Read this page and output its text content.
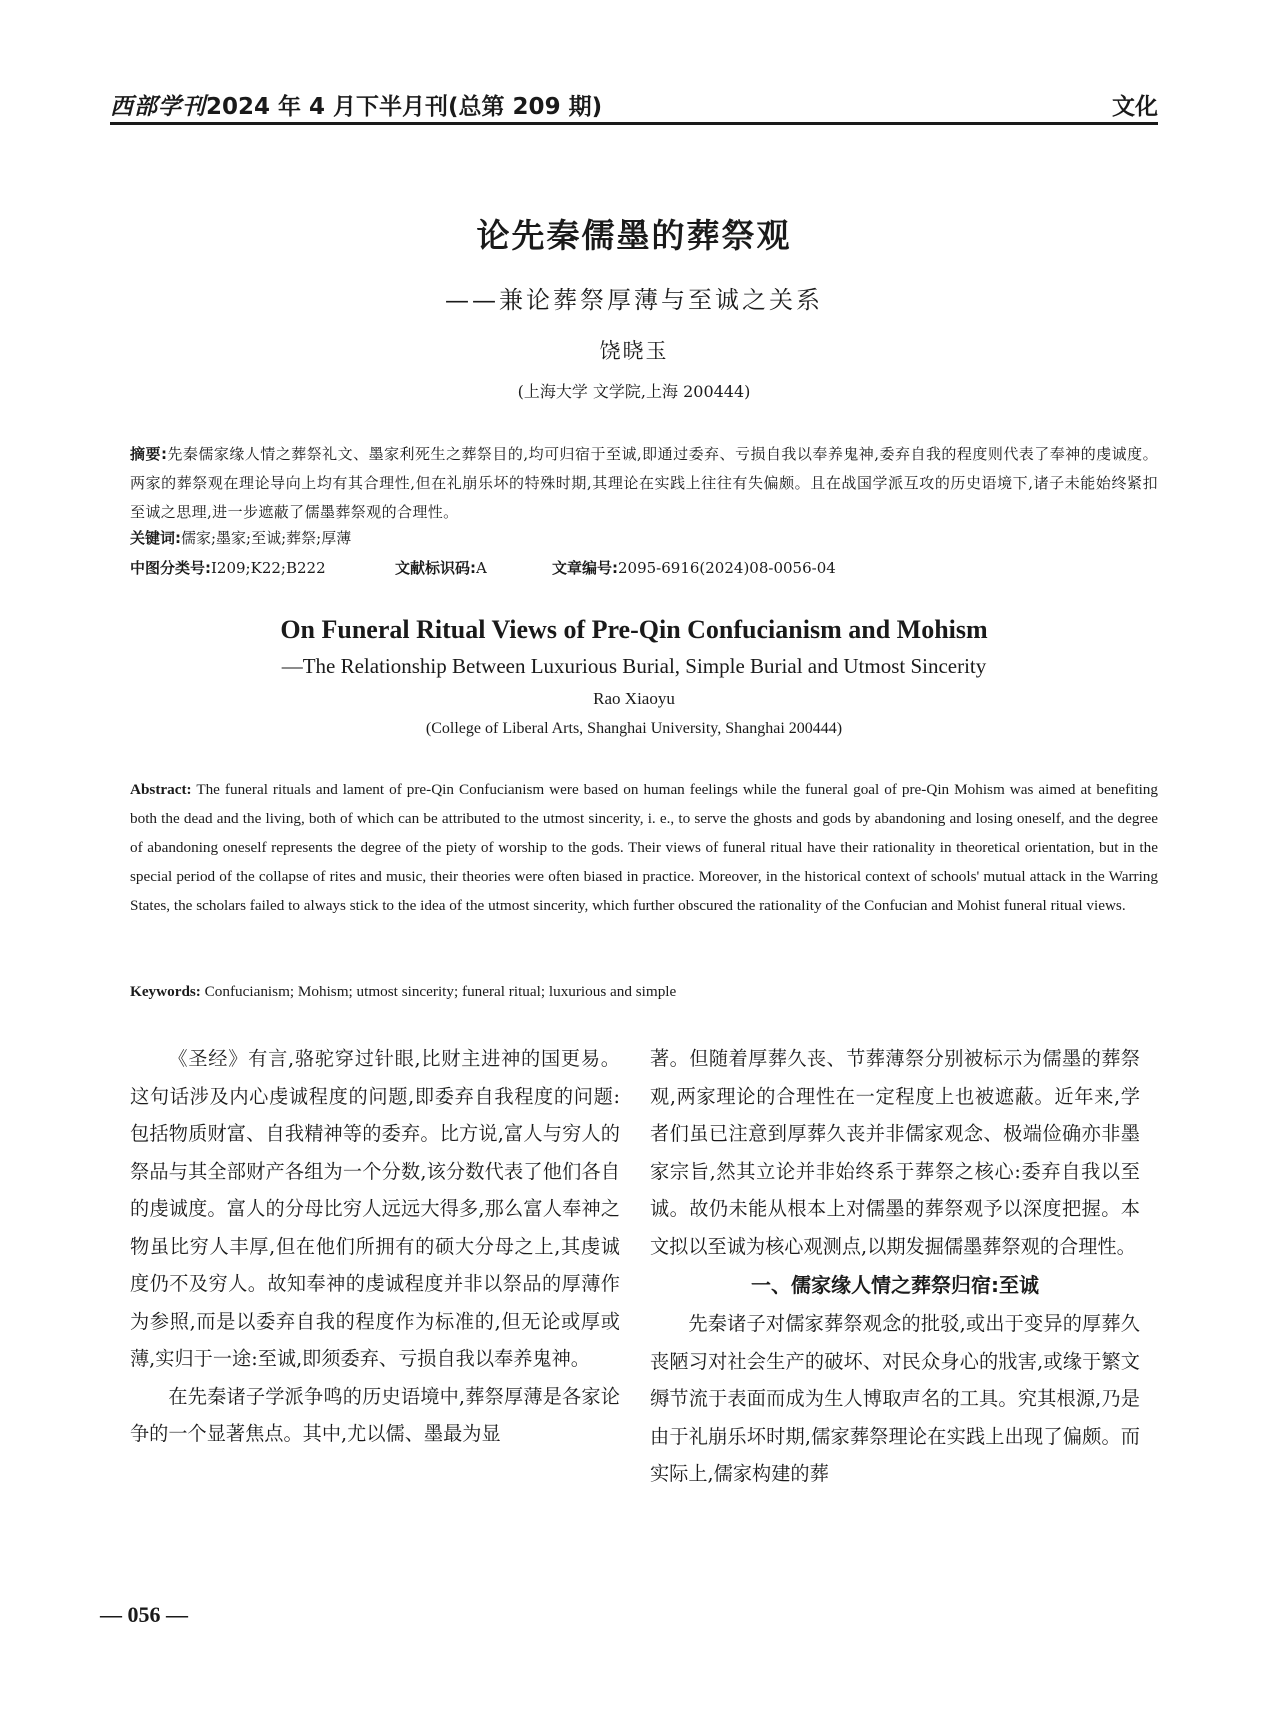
西部学刊2024 年 4 月下半月刊(总第 209 期)	文化
论先秦儒墨的葬祭观
——兼论葬祭厚薄与至诚之关系
饶晓玉
(上海大学 文学院,上海 200444)
摘要:先秦儒家缘人情之葬祭礼文、墨家利死生之葬祭目的,均可归宿于至诚,即通过委弃、亏损自我以奉养鬼神,委弃自我的程度则代表了奉神的虔诚度。两家的葬祭观在理论导向上均有其合理性,但在礼崩乐坏的特殊时期,其理论在实践上往往有失偏颇。且在战国学派互攻的历史语境下,诸子未能始终紧扣至诚之思理,进一步遮蔽了儒墨葬祭观的合理性。
关键词:儒家;墨家;至诚;葬祭;厚薄
中图分类号:I209;K22;B222	文献标识码:A	文章编号:2095-6916(2024)08-0056-04
On Funeral Ritual Views of Pre-Qin Confucianism and Mohism
—The Relationship Between Luxurious Burial, Simple Burial and Utmost Sincerity
Rao Xiaoyu
(College of Liberal Arts, Shanghai University, Shanghai 200444)
Abstract: The funeral rituals and lament of pre-Qin Confucianism were based on human feelings while the funeral goal of pre-Qin Mohism was aimed at benefiting both the dead and the living, both of which can be attributed to the utmost sincerity, i. e., to serve the ghosts and gods by abandoning and losing oneself, and the degree of abandoning oneself represents the degree of the piety of worship to the gods. Their views of funeral ritual have their rationality in theoretical orientation, but in the special period of the collapse of rites and music, their theories were often biased in practice. Moreover, in the historical context of schools' mutual attack in the Warring States, the scholars failed to always stick to the idea of the utmost sincerity, which further obscured the rationality of the Confucian and Mohist funeral ritual views.
Keywords: Confucianism; Mohism; utmost sincerity; funeral ritual; luxurious and simple

《圣经》有言,骆驼穿过针眼,比财主进神的国更易。这句话涉及内心虔诚程度的问题,即委弃自我程度的问题:包括物质财富、自我精神等的委弃。比方说,富人与穷人的祭品与其全部财产各组为一个分数,该分数代表了他们各自的虔诚度。富人的分母比穷人远远大得多,那么富人奉神之物虽比穷人丰厚,但在他们所拥有的硕大分母之上,其虔诚度仍不及穷人。故知奉神的虔诚程度并非以祭品的厚薄作为参照,而是以委弃自我的程度作为标准的,但无论或厚或薄,实归于一途:至诚,即须委弃、亏损自我以奉养鬼神。

在先秦诸子学派争鸣的历史语境中,葬祭厚薄是各家论争的一个显著焦点。其中,尤以儒、墨最为显

著。但随着厚葬久丧、节葬薄祭分别被标示为儒墨的葬祭观,两家理论的合理性在一定程度上也被遮蔽。近年来,学者们虽已注意到厚葬久丧并非儒家观念、极端俭确亦非墨家宗旨,然其立论并非始终系于葬祭之核心:委弃自我以至诚。故仍未能从根本上对儒墨的葬祭观予以深度把握。本文拟以至诚为核心观测点,以期发掘儒墨葬祭观的合理性。

一、儒家缘人情之葬祭归宿:至诚

先秦诸子对儒家葬祭观念的批驳,或出于变异的厚葬久丧陋习对社会生产的破坏、对民众身心的戕害,或缘于繁文缛节流于表面而成为生人博取声名的工具。究其根源,乃是由于礼崩乐坏时期,儒家葬祭理论在实践上出现了偏颇。而实际上,儒家构建的葬

— 056 —
